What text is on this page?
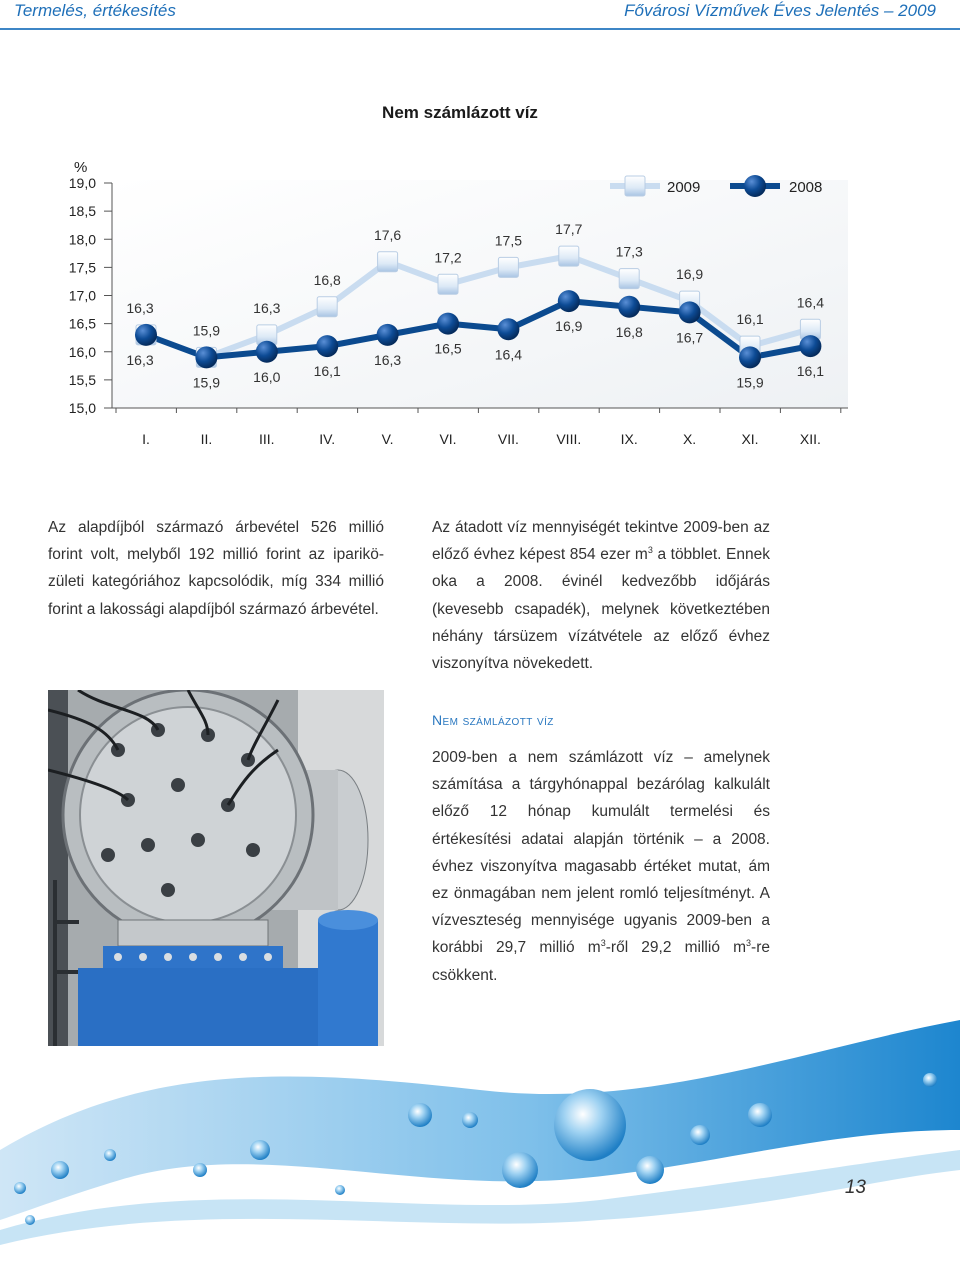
Termelés, értékesítés	Fővárosi Vízművek Éves Jelentés – 2009
Nem számlázott víz
%
19,0
18,5
18,0
17,5
17,0
16,5
16,0
15,5
15,0
I.	II.	III.	IV.	V.	VI.	VII.	VIII.	IX.	X.	XI.	XII.
16,3
15,9
16,3
16,8
17,6
17,2
17,5
17,7
17,3
16,9
16,1
16,4
16,3
15,9 16,0 16,1
16,3
16,5 16,4
16,9 16,8 16,7
15,9
16,1
2009	2008

Az alapdíjból származó árbevétel 526 millió forint volt, melyből 192 millió forint az ipariközületi kategóriához kapcsolódik, míg 334 millió forint a lakossági alapdíjból származó árbevétel.

Az átadott víz mennyiségét tekintve 2009-ben az előző évhez képest 854 ezer $m^3$ a többlet. Ennek oka a 2008. évinél kedvezőbb időjárás (kevesebb csapadék), melynek következtében néhány társüzem vízátvétele az előző évhez viszonyítva növekedett.

Nem számlázott víz

2009-ben a nem számlázott víz – amelynek számítása a tárgyhónappal bezárólag kalkulált előző 12 hónap kumulált termelési és értékesítési adatai alapján történik – a 2008. évhez viszonyítva magasabb értéket mutat, ám ez önmagában nem jelent romló teljesítményt. A vízveszteség mennyisége ugyanis 2009-ben a korábbi 29,7 millió $m^3$-ről 29,2 millió $m^3-re$ csökkent.

13
